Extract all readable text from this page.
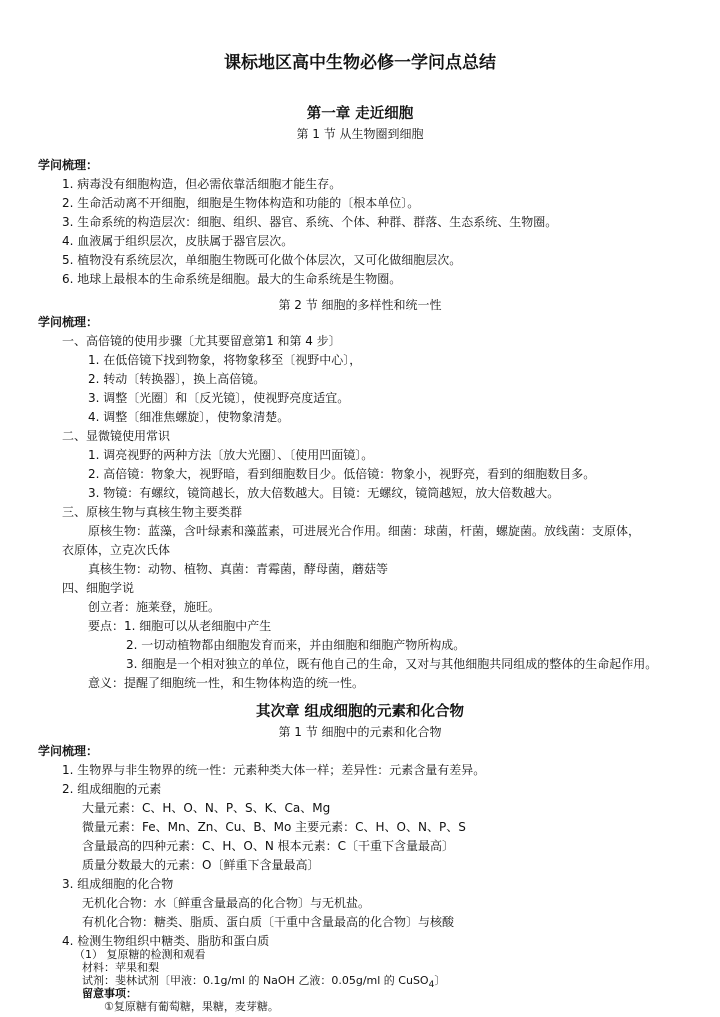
课标地区高中生物必修一学问点总结
第一章 走近细胞
第 1 节 从生物圈到细胞
学问梳理：
1. 病毒没有细胞构造，但必需依靠活细胞才能生存。
2. 生命活动离不开细胞，细胞是生物体构造和功能的〔根本单位〕。
3. 生命系统的构造层次：细胞、组织、器官、系统、个体、种群、群落、生态系统、生物圈。
4. 血液属于组织层次，皮肤属于器官层次。
5. 植物没有系统层次，单细胞生物既可化做个体层次，又可化做细胞层次。
6. 地球上最根本的生命系统是细胞。最大的生命系统是生物圈。
第 2 节 细胞的多样性和统一性
学问梳理：
一、高倍镜的使用步骤〔尤其要留意第1 和第 4 步〕
1. 在低倍镜下找到物象，将物象移至〔视野中心〕，
2. 转动〔转换器〕，换上高倍镜。
3. 调整〔光圈〕和〔反光镜〕，使视野亮度适宜。
4. 调整〔细准焦螺旋〕，使物象清楚。
二、显微镜使用常识
1. 调亮视野的两种方法〔放大光圈〕、〔使用凹面镜〕。
2. 高倍镜：物象大，视野暗，看到细胞数目少。低倍镜：物象小，视野亮，看到的细胞数目多。
3. 物镜：有螺纹，镜筒越长，放大倍数越大。目镜：无螺纹，镜筒越短，放大倍数越大。
三、原核生物与真核生物主要类群
原核生物：蓝藻，含叶绿素和藻蓝素，可进展光合作用。细菌：球菌，杆菌，螺旋菌。放线菌：支原体，
衣原体，立克次氏体
真核生物：动物、植物、真菌：青霉菌，酵母菌，蘑菇等
四、细胞学说
创立者：施莱登，施旺。
要点：1. 细胞可以从老细胞中产生
2. 一切动植物都由细胞发育而来，并由细胞和细胞产物所构成。
3. 细胞是一个相对独立的单位，既有他自己的生命，又对与其他细胞共同组成的整体的生命起作用。
意义：提醒了细胞统一性，和生物体构造的统一性。
其次章 组成细胞的元素和化合物
第 1 节 细胞中的元素和化合物
学问梳理：
1. 生物界与非生物界的统一性：元素种类大体一样；差异性：元素含量有差异。
2. 组成细胞的元素
大量元素：C、H、O、N、P、S、K、Ca、Mg
微量元素：Fe、Mn、Zn、Cu、B、Mo 主要元素：C、H、O、N、P、S
含量最高的四种元素：C、H、O、N 根本元素：C〔干重下含量最高〕
质量分数最大的元素：O〔鲜重下含量最高〕
3. 组成细胞的化合物
无机化合物：水〔鲜重含量最高的化合物〕与无机盐。
有机化合物：糖类、脂质、蛋白质〔干重中含量最高的化合物〕与核酸
4. 检测生物组织中糖类、脂肪和蛋白质
（1） 复原糖的检测和观看
材料：苹果和梨
试剂：斐林试剂〔甲液：0.1g/ml 的 NaOH 乙液：0.05g/ml 的 CuSO$_4$〕
留意事项：
①复原糖有葡萄糖，果糖，麦芽糖。
